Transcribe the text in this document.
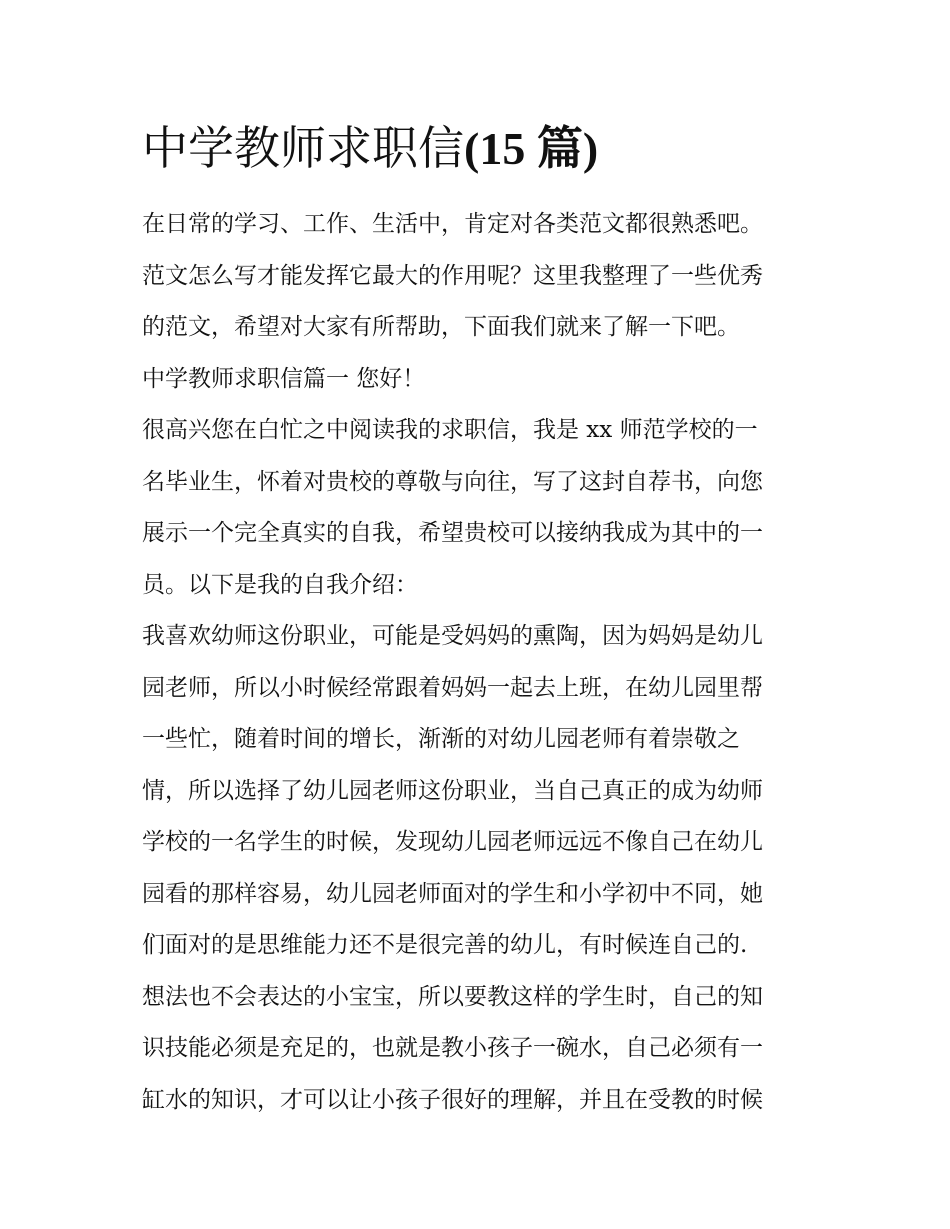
中学教师求职信(15 篇)
在日常的学习、工作、生活中，肯定对各类范文都很熟悉吧。
范文怎么写才能发挥它最大的作用呢？这里我整理了一些优秀
的范文，希望对大家有所帮助，下面我们就来了解一下吧。
中学教师求职信篇一 您好！
很高兴您在白忙之中阅读我的求职信，我是 xx 师范学校的一
名毕业生，怀着对贵校的尊敬与向往，写了这封自荐书，向您
展示一个完全真实的自我，希望贵校可以接纳我成为其中的一
员。以下是我的自我介绍：
我喜欢幼师这份职业，可能是受妈妈的熏陶，因为妈妈是幼儿
园老师，所以小时候经常跟着妈妈一起去上班，在幼儿园里帮
一些忙，随着时间的增长，渐渐的对幼儿园老师有着崇敬之
情，所以选择了幼儿园老师这份职业，当自己真正的成为幼师
学校的一名学生的时候，发现幼儿园老师远远不像自己在幼儿
园看的那样容易，幼儿园老师面对的学生和小学初中不同，她
们面对的是思维能力还不是很完善的幼儿，有时候连自己的.
想法也不会表达的小宝宝，所以要教这样的学生时，自己的知
识技能必须是充足的，也就是教小孩子一碗水，自己必须有一
缸水的知识，才可以让小孩子很好的理解，并且在受教的时候
